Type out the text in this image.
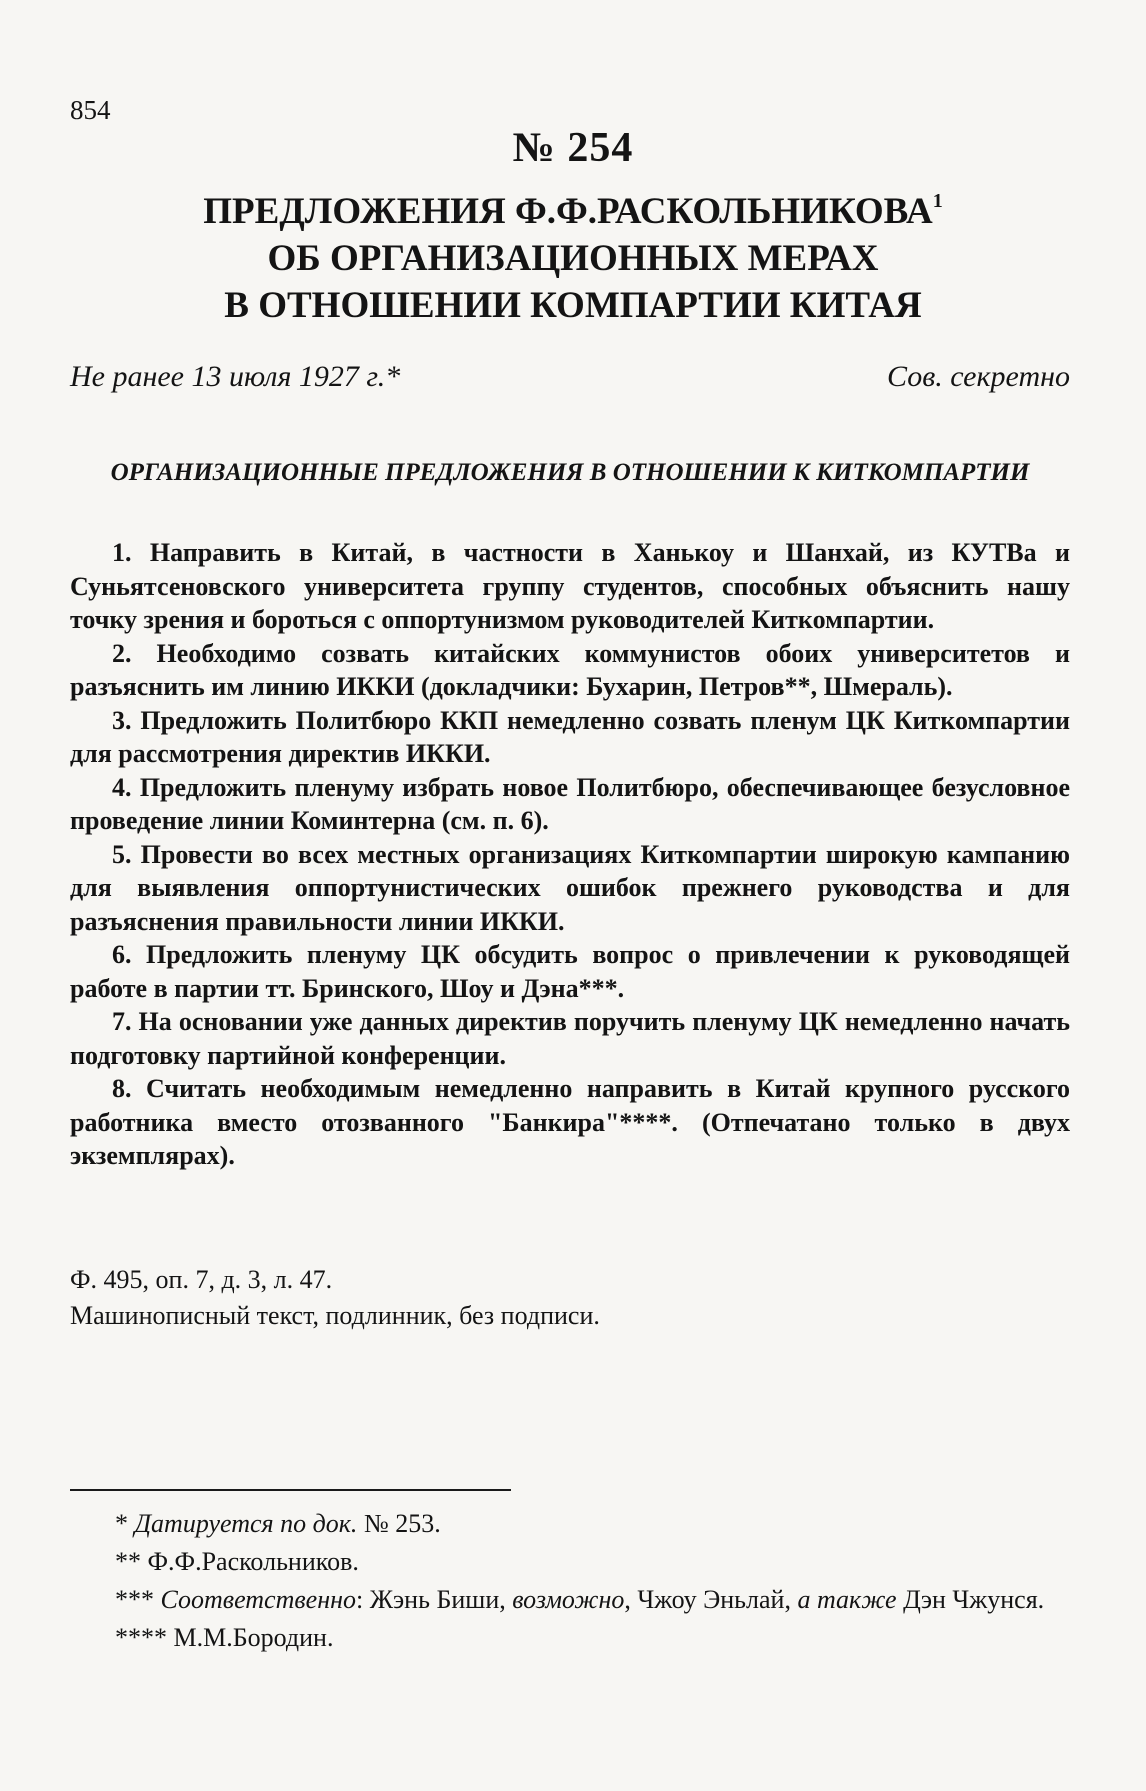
854
№ 254
ПРЕДЛОЖЕНИЯ Ф.Ф.РАСКОЛЬНИКОВА$^1$
ОБ ОРГАНИЗАЦИОННЫХ МЕРАХ
В ОТНОШЕНИИ КОМПАРТИИ КИТАЯ
Не ранее 13 июля 1927 г.*	Сов. секретно
ОРГАНИЗАЦИОННЫЕ ПРЕДЛОЖЕНИЯ В ОТНОШЕНИИ К КИТКОМПАРТИИ

1. Направить в Китай, в частности в Ханькоу и Шанхай, из КУТВа и Суньятсеновского университета группу студентов, способных объяснить нашу точку зрения и бороться с оппортунизмом руководителей Киткомпартии.

2. Необходимо созвать китайских коммунистов обоих университетов и разъяснить им линию ИККИ (докладчики: Бухарин, Петров**, Шмераль).

3. Предложить Политбюро ККП немедленно созвать пленум ЦК Киткомпартии для рассмотрения директив ИККИ.

4. Предложить пленуму избрать новое Политбюро, обеспечивающее безусловное проведение линии Коминтерна (см. п. 6).

5. Провести во всех местных организациях Киткомпартии широкую кампанию для выявления оппортунистических ошибок прежнего руководства и для разъяснения правильности линии ИККИ.

6. Предложить пленуму ЦК обсудить вопрос о привлечении к руководящей работе в партии тт. Бринского, Шоу и Дэна***.

7. На основании уже данных директив поручить пленуму ЦК немедленно начать подготовку партийной конференции.

8. Считать необходимым немедленно направить в Китай крупного русского работника вместо отозванного "Банкира"****. (Отпечатано только в двух экземплярах).

Ф. 495, оп. 7, д. 3, л. 47.
Машинописный текст, подлинник, без подписи.

* Датируется по док. № 253.

** Ф.Ф.Раскольников.

*** Соответственно: Жэнь Биши, возможно, Чжоу Эньлай, а также Дэн Чжунся.

**** М.М.Бородин.
